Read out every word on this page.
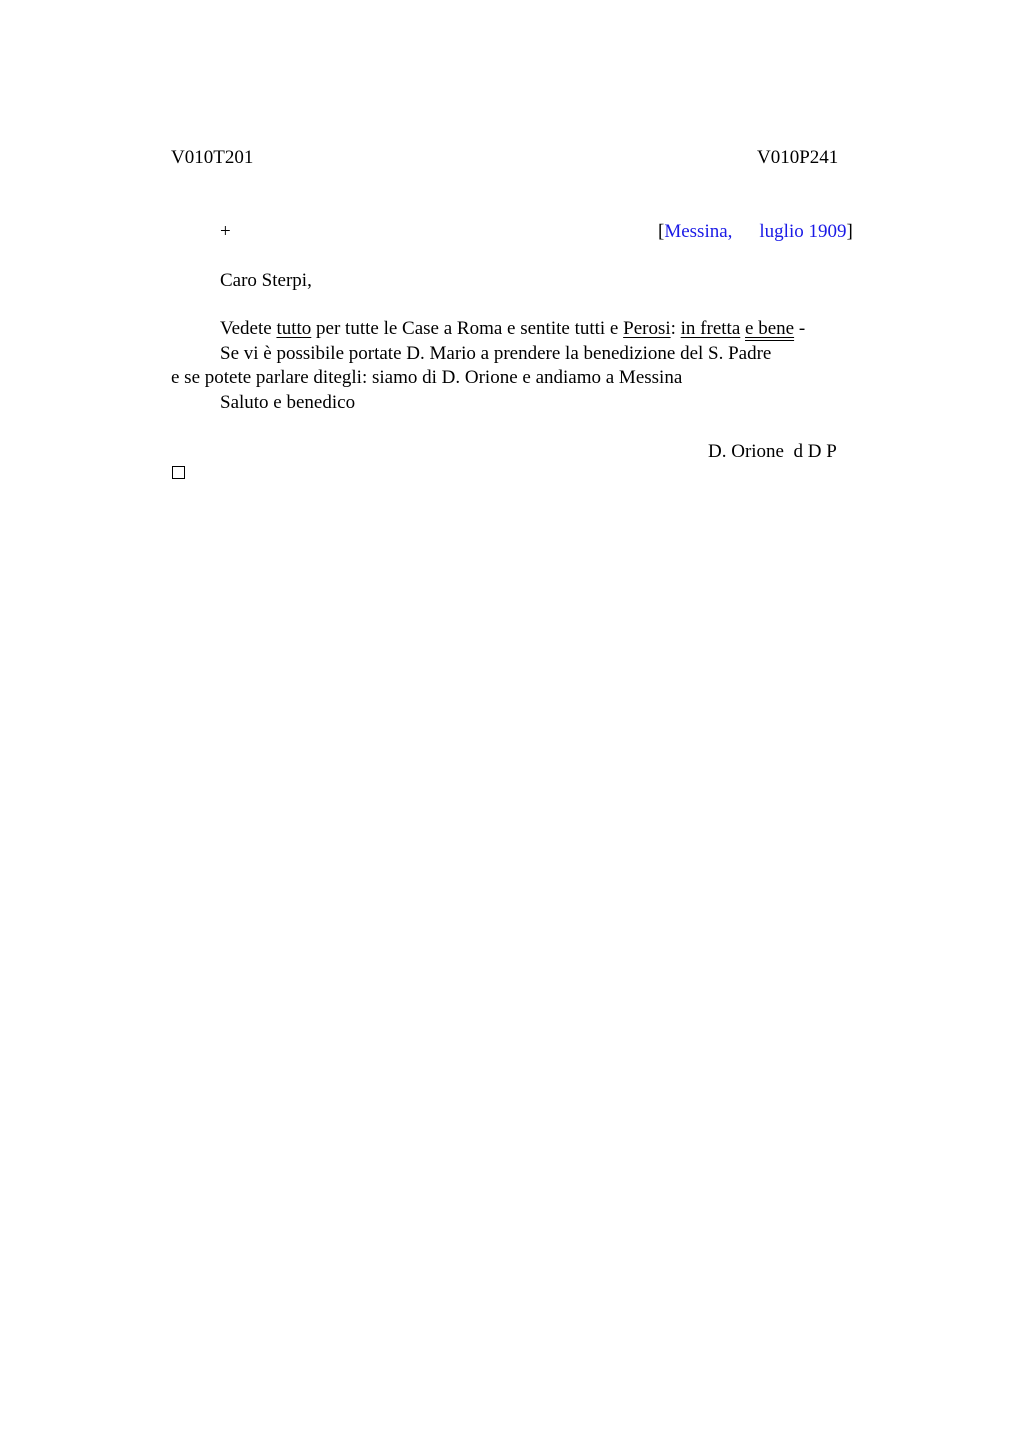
V010T201	V010P241
+	[Messina, luglio 1909]
Caro Sterpi,
Vedete tutto per tutte le Case a Roma e sentite tutti e Perosi: in fretta e bene -
Se vi è possibile portate D. Mario a prendere la benedizione del S. Padre
e se potete parlare ditegli: siamo di D. Orione e andiamo a Messina
Saluto e benedico
D. Orione  d D P
